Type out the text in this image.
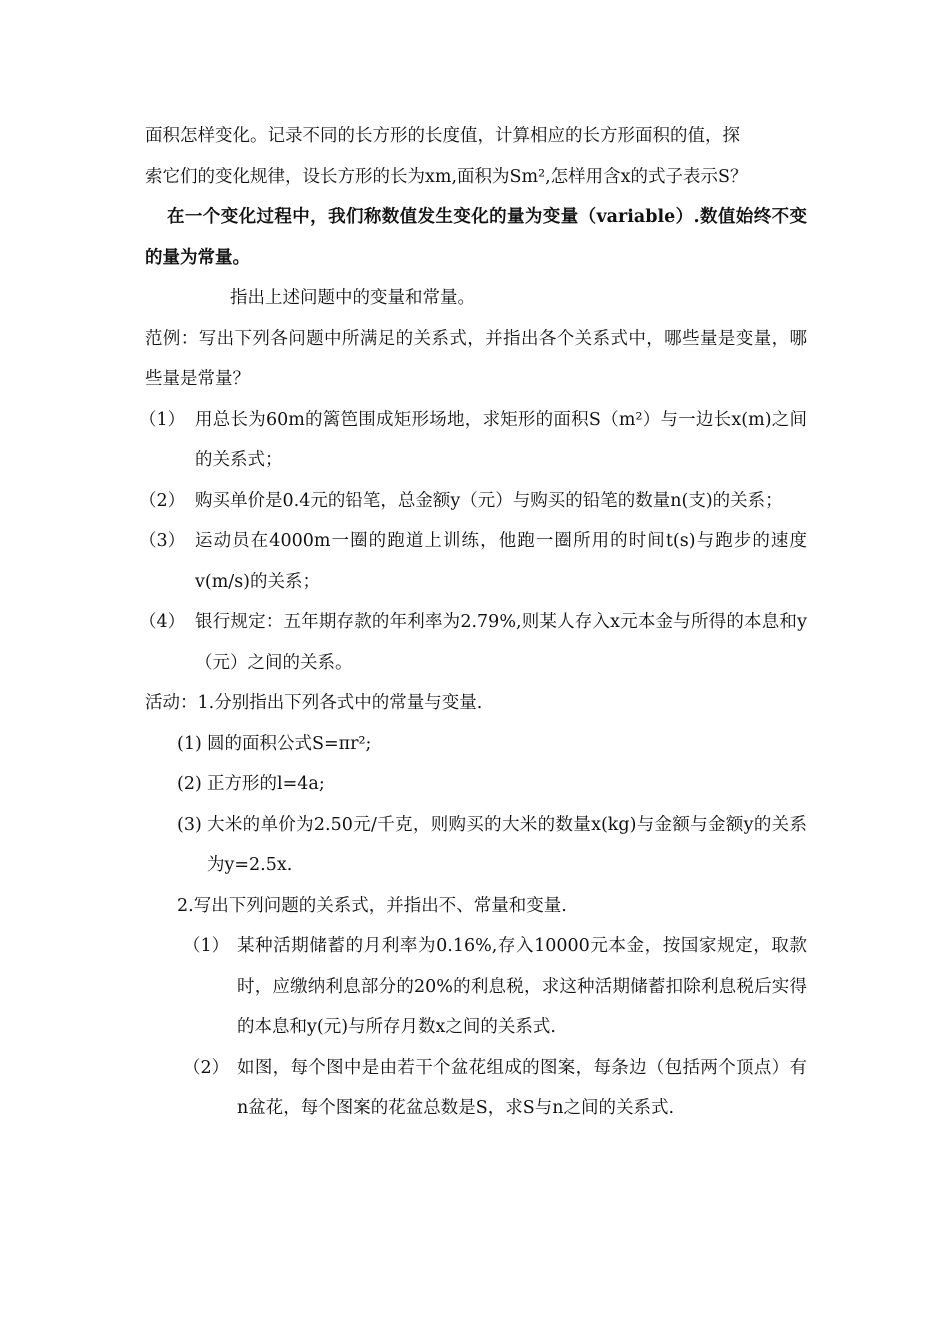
面积怎样变化。记录不同的长方形的长度值，计算相应的长方形面积的值，探
索它们的变化规律，设长方形的长为xm,面积为Sm²,怎样用含x的式子表示S？
在一个变化过程中，我们称数值发生变化的量为变量（variable）.数值始终不变的量为常量。
指出上述问题中的变量和常量。
范例：写出下列各问题中所满足的关系式，并指出各个关系式中，哪些量是变量，哪些量是常量？
（1） 用总长为60m的篱笆围成矩形场地，求矩形的面积S（m²）与一边长x(m)之间的关系式；
（2） 购买单价是0.4元的铅笔，总金额y（元）与购买的铅笔的数量n(支)的关系；
（3） 运动员在4000m一圈的跑道上训练，他跑一圈所用的时间t(s)与跑步的速度v(m/s)的关系；
（4） 银行规定：五年期存款的年利率为2.79%,则某人存入x元本金与所得的本息和y（元）之间的关系。
活动：1.分别指出下列各式中的常量与变量.
(1) 圆的面积公式S=πr²;
(2) 正方形的l=4a;
(3) 大米的单价为2.50元/千克，则购买的大米的数量x(kg)与金额与金额y的关系为y=2.5x.
2.写出下列问题的关系式，并指出不、常量和变量.
（1） 某种活期储蓄的月利率为0.16%,存入10000元本金，按国家规定，取款时，应缴纳利息部分的20%的利息税，求这种活期储蓄扣除利息税后实得的本息和y(元)与所存月数x之间的关系式.
（2） 如图，每个图中是由若干个盆花组成的图案，每条边（包括两个顶点）有n盆花，每个图案的花盆总数是S，求S与n之间的关系式.
